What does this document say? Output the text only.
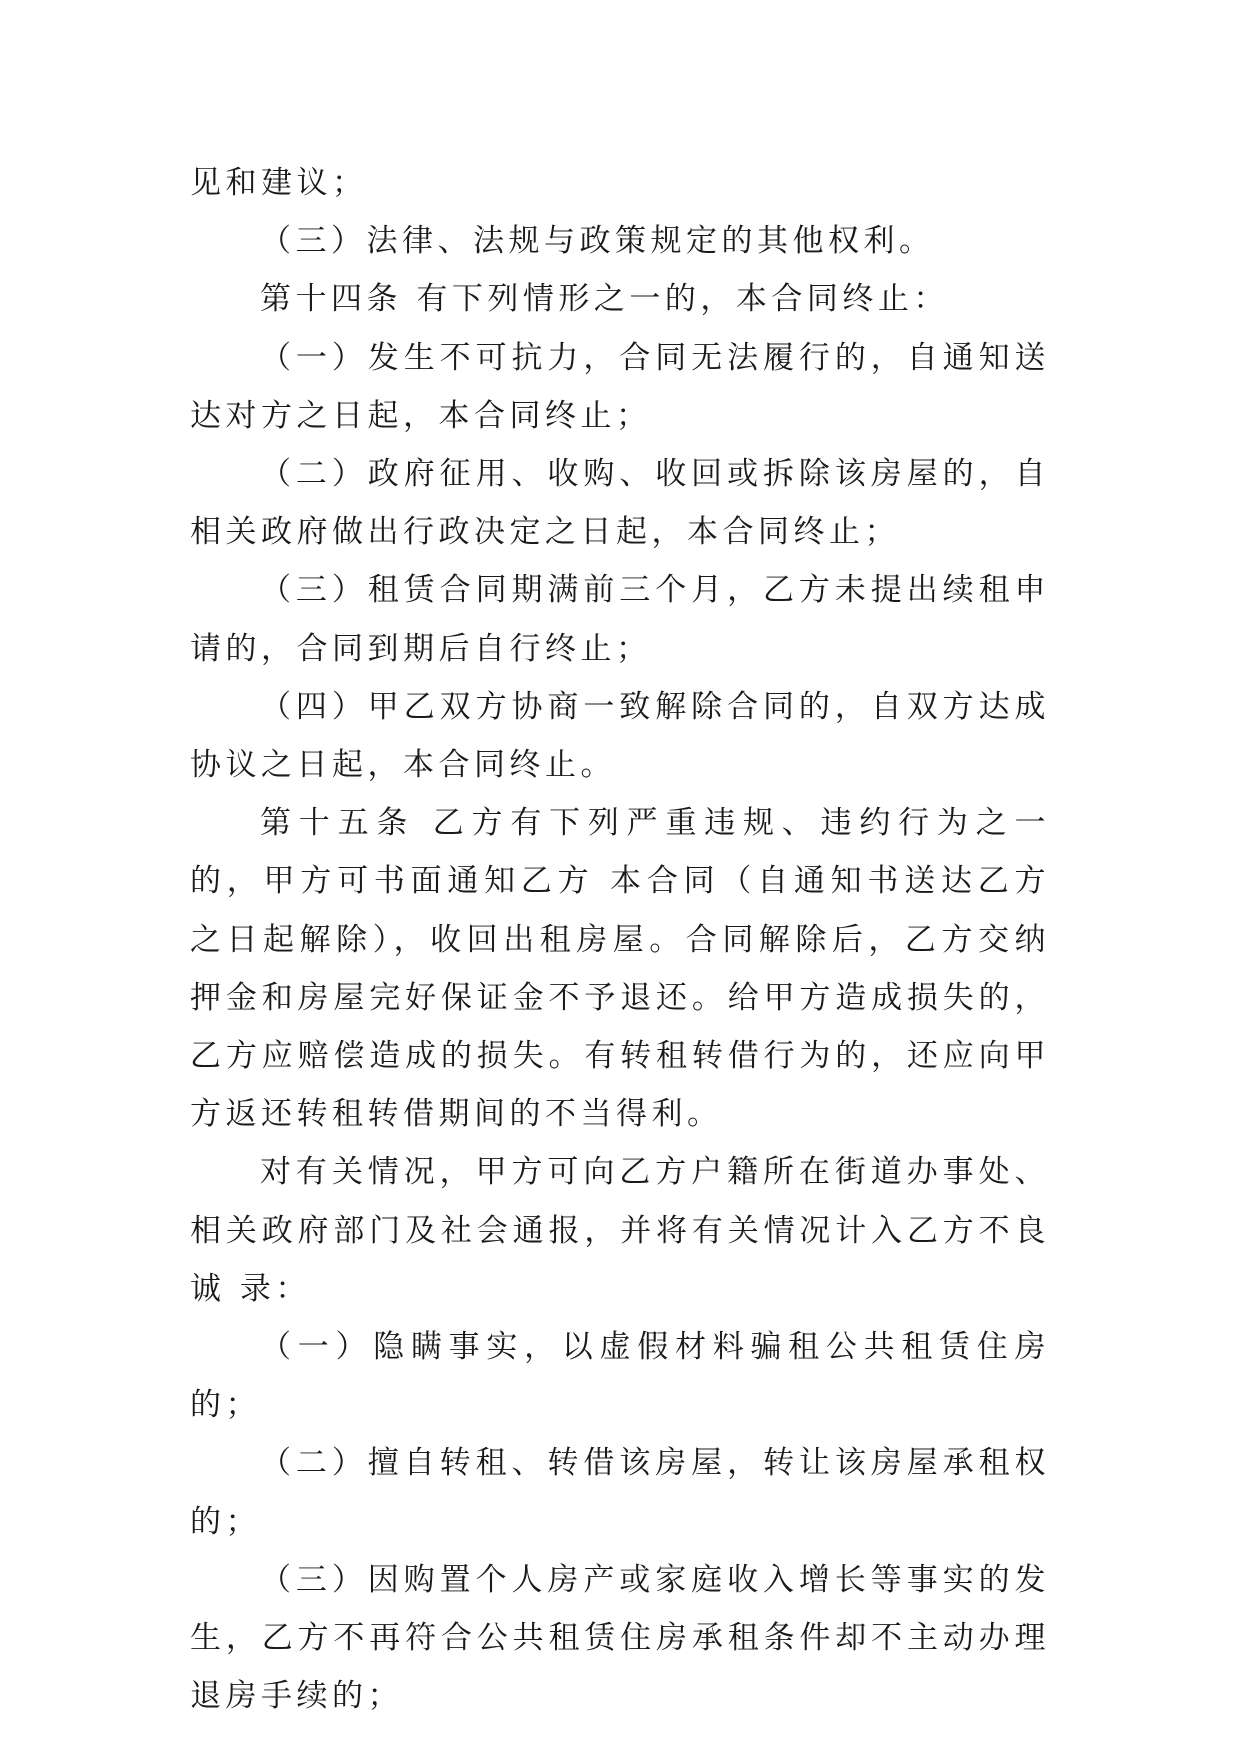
见和建议；

（三）法律、法规与政策规定的其他权利。

第十四条 有下列情形之一的，本合同终止：

（一）发生不可抗力，合同无法履行的，自通知送达对方之日起，本合同终止；

（二）政府征用、收购、收回或拆除该房屋的，自相关政府做出行政决定之日起，本合同终止；

（三）租赁合同期满前三个月，乙方未提出续租申请的，合同到期后自行终止；

（四）甲乙双方协商一致解除合同的，自双方达成协议之日起，本合同终止。

第十五条 乙方有下列严重违规、违约行为之一的，甲方可书面通知乙方 本合同（自通知书送达乙方之日起解除），收回出租房屋。合同解除后，乙方交纳押金和房屋完好保证金不予退还。给甲方造成损失的，乙方应赔偿造成的损失。有转租转借行为的，还应向甲方返还转租转借期间的不当得利。

对有关情况，甲方可向乙方户籍所在街道办事处、相关政府部门及社会通报，并将有关情况计入乙方不良诚 录：

（一）隐瞒事实，以虚假材料骗租公共租赁住房的；

（二）擅自转租、转借该房屋，转让该房屋承租权的；

（三）因购置个人房产或家庭收入增长等事实的发生，乙方不再符合公共租赁住房承租条件却不主动办理退房手续的；
